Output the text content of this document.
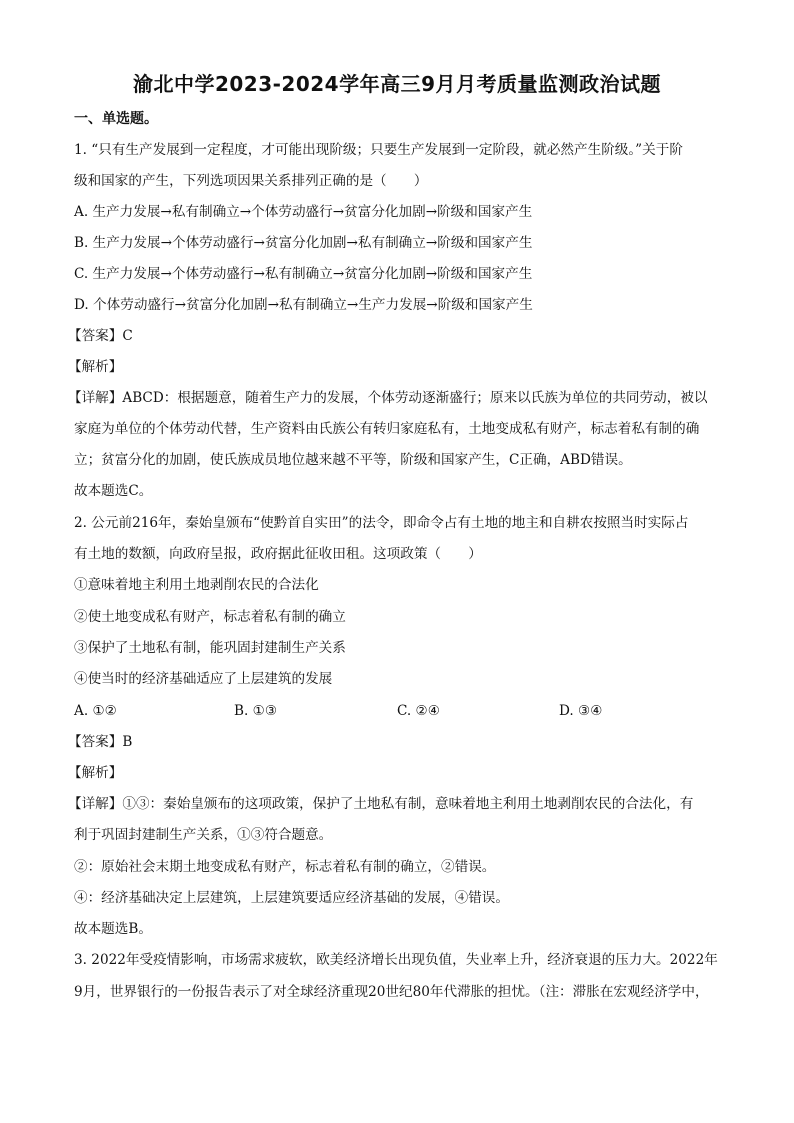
渝北中学2023-2024学年高三9月月考质量监测政治试题
一、单选题。
1. “只有生产发展到一定程度，才可能出现阶级；只要生产发展到一定阶段，就必然产生阶级。”关于阶
级和国家的产生，下列选项因果关系排列正确的是（　　）
A. 生产力发展→私有制确立→个体劳动盛行→贫富分化加剧→阶级和国家产生
B. 生产力发展→个体劳动盛行→贫富分化加剧→私有制确立→阶级和国家产生
C. 生产力发展→个体劳动盛行→私有制确立→贫富分化加剧→阶级和国家产生
D. 个体劳动盛行→贫富分化加剧→私有制确立→生产力发展→阶级和国家产生
【答案】C
【解析】
【详解】ABCD：根据题意，随着生产力的发展，个体劳动逐渐盛行；原来以氏族为单位的共同劳动，被以
家庭为单位的个体劳动代替，生产资料由氏族公有转归家庭私有，土地变成私有财产，标志着私有制的确
立；贫富分化的加剧，使氏族成员地位越来越不平等，阶级和国家产生，C正确，ABD错误。
故本题选C。
2. 公元前216年，秦始皇颁布“使黔首自实田”的法令，即命令占有土地的地主和自耕农按照当时实际占
有土地的数额，向政府呈报，政府据此征收田租。这项政策（　　）
①意味着地主利用土地剥削农民的合法化
②使土地变成私有财产，标志着私有制的确立
③保护了土地私有制，能巩固封建制生产关系
④使当时的经济基础适应了上层建筑的发展
A. ①②	B. ①③	C. ②④	D. ③④
【答案】B
【解析】
【详解】①③：秦始皇颁布的这项政策，保护了土地私有制，意味着地主利用土地剥削农民的合法化，有
利于巩固封建制生产关系，①③符合题意。
②：原始社会末期土地变成私有财产，标志着私有制的确立，②错误。
④：经济基础决定上层建筑，上层建筑要适应经济基础的发展，④错误。
故本题选B。
3. 2022年受疫情影响，市场需求疲软，欧美经济增长出现负值，失业率上升，经济衰退的压力大。2022年
9月，世界银行的一份报告表示了对全球经济重现20世纪80年代滞胀的担忧。（注：滞胀在宏观经济学中，
